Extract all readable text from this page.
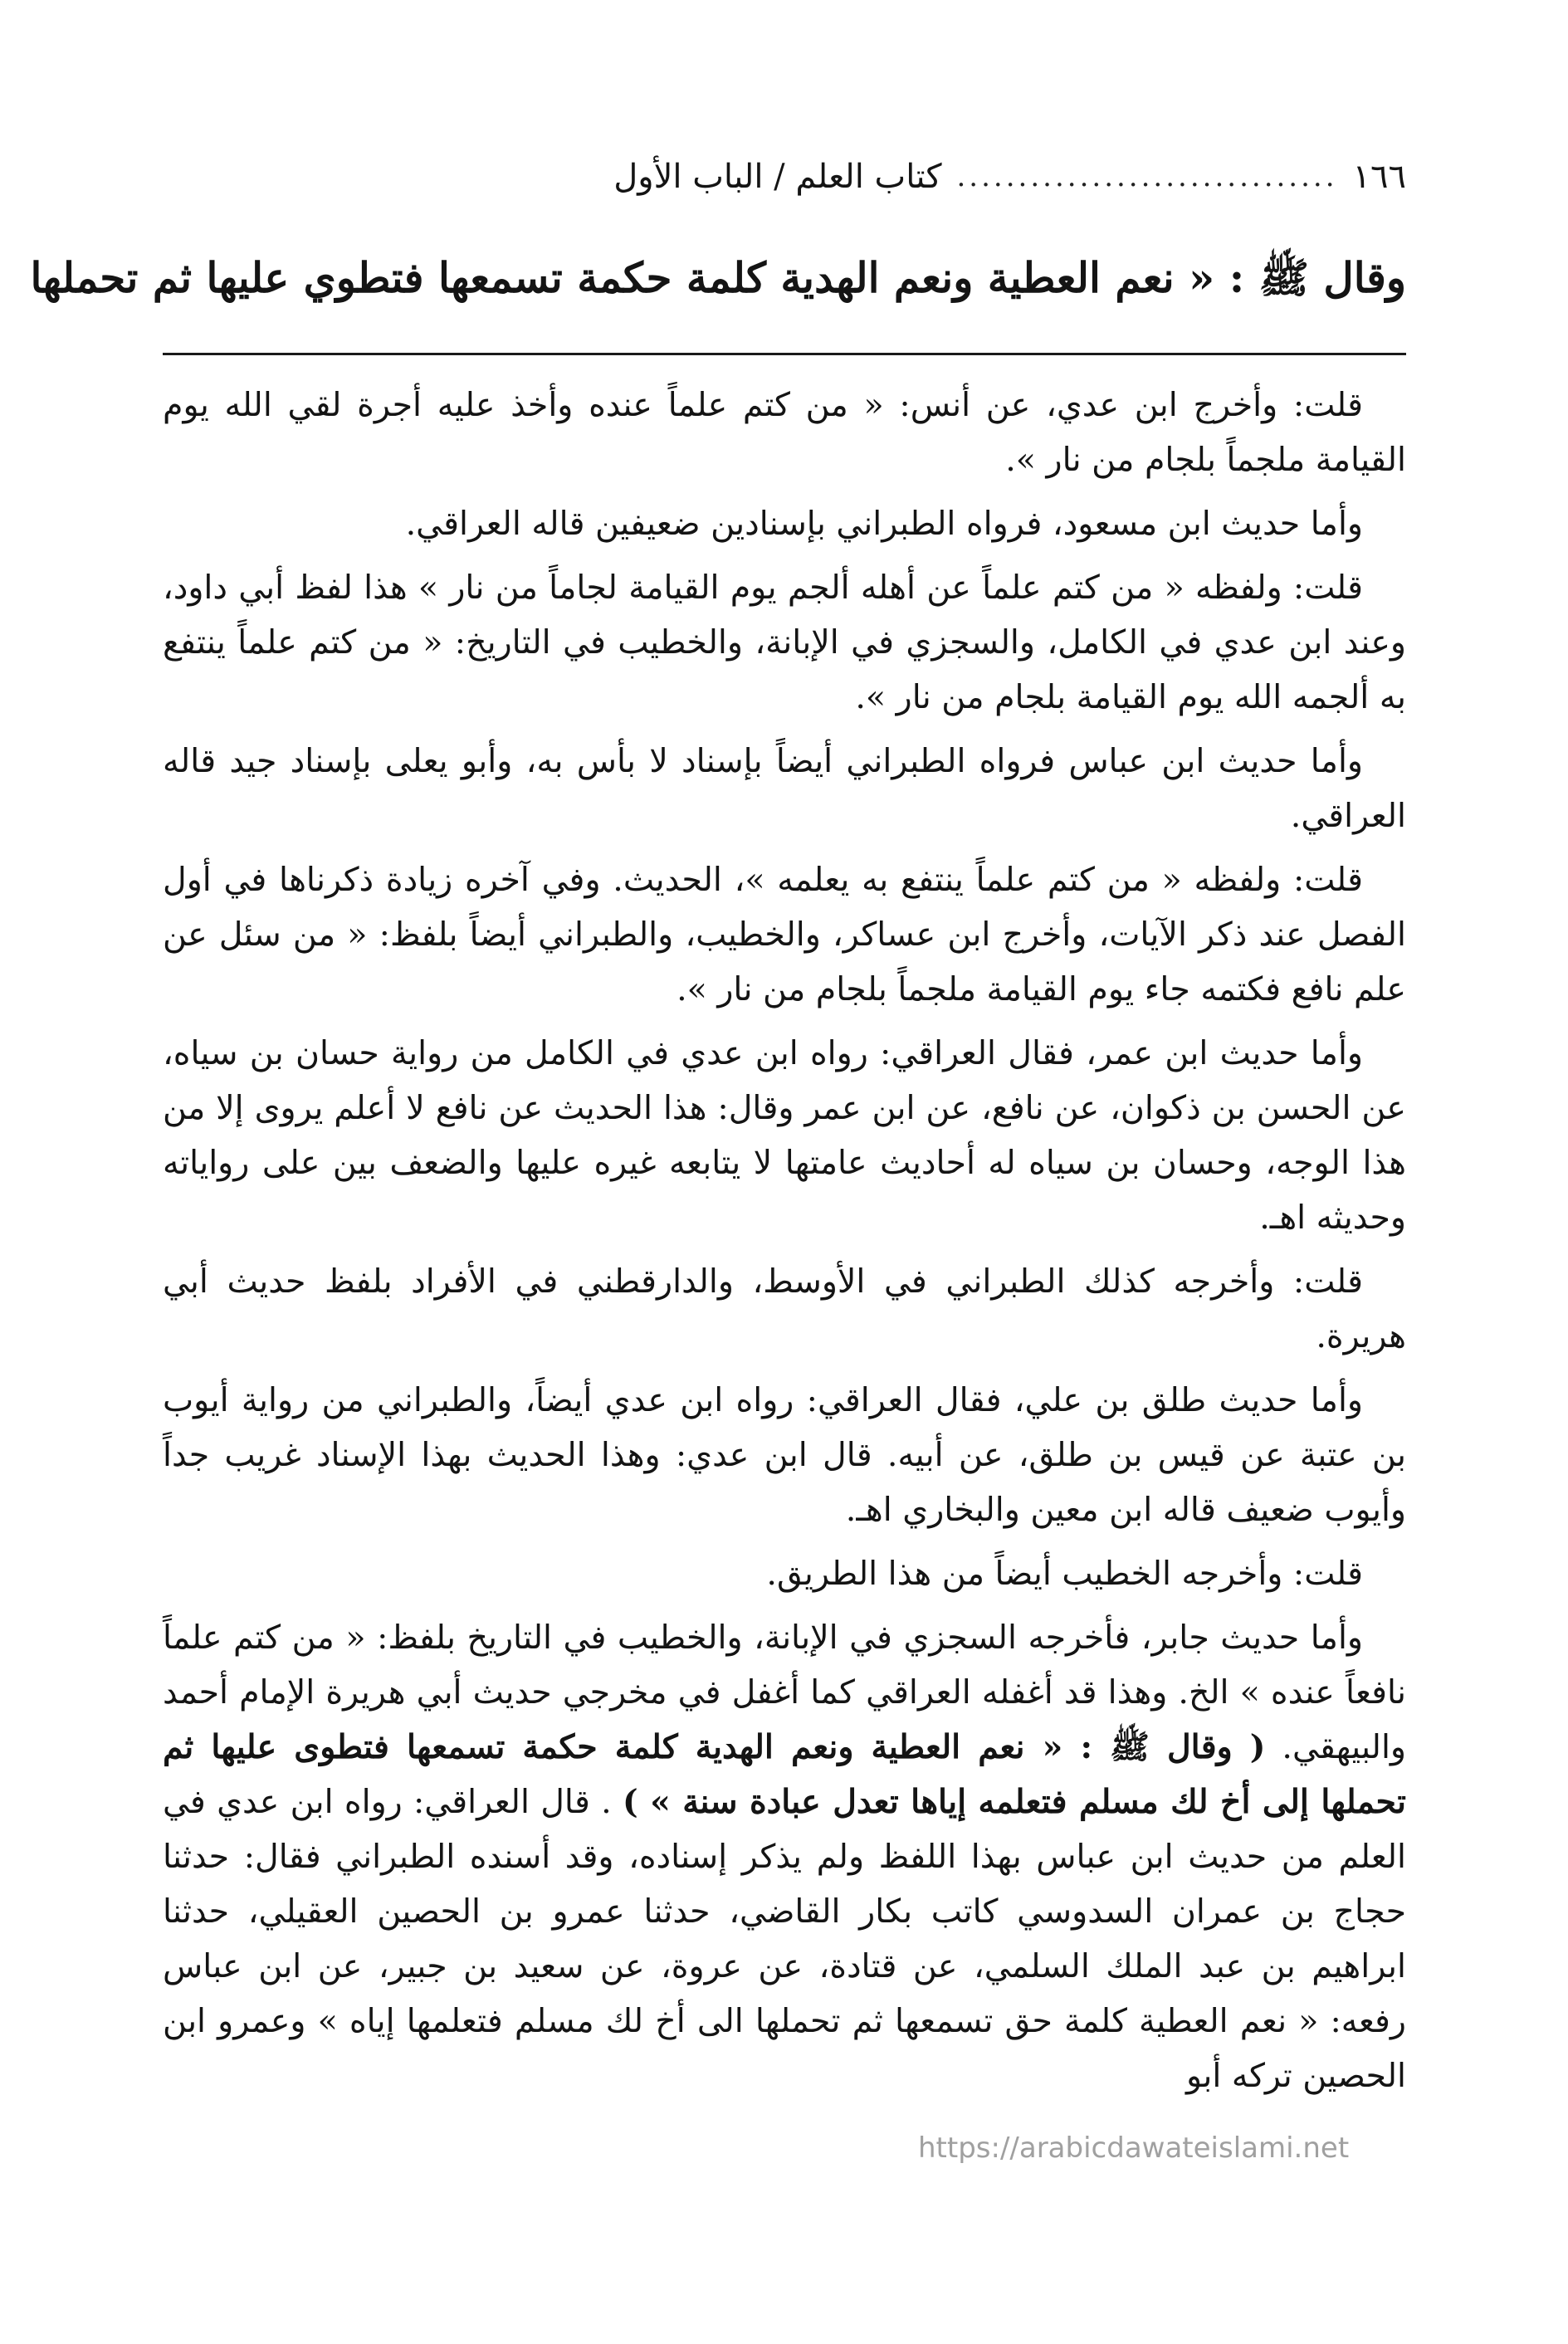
١٦٦
...............................
كتاب العلم / الباب الأول
وقال ﷺ : « نعم العطية ونعم الهدية كلمة حكمة تسمعها فتطوي عليها ثم تحملها

قلت: وأخرج ابن عدي، عن أنس: « من كتم علماً عنده وأخذ عليه أجرة لقي الله يوم القيامة ملجماً بلجام من نار ».

وأما حديث ابن مسعود، فرواه الطبراني بإسنادين ضعيفين قاله العراقي.

قلت: ولفظه « من كتم علماً عن أهله ألجم يوم القيامة لجاماً من نار » هذا لفظ أبي داود، وعند ابن عدي في الكامل، والسجزي في الإبانة، والخطيب في التاريخ: « من كتم علماً ينتفع به ألجمه الله يوم القيامة بلجام من نار ».

وأما حديث ابن عباس فرواه الطبراني أيضاً بإسناد لا بأس به، وأبو يعلى بإسناد جيد قاله العراقي.

قلت: ولفظه « من كتم علماً ينتفع به يعلمه »، الحديث. وفي آخره زيادة ذكرناها في أول الفصل عند ذكر الآيات، وأخرج ابن عساكر، والخطيب، والطبراني أيضاً بلفظ: « من سئل عن علم نافع فكتمه جاء يوم القيامة ملجماً بلجام من نار ».

وأما حديث ابن عمر، فقال العراقي: رواه ابن عدي في الكامل من رواية حسان بن سياه، عن الحسن بن ذكوان، عن نافع، عن ابن عمر وقال: هذا الحديث عن نافع لا أعلم يروى إلا من هذا الوجه، وحسان بن سياه له أحاديث عامتها لا يتابعه غيره عليها والضعف بين على رواياته وحديثه اهـ.

قلت: وأخرجه كذلك الطبراني في الأوسط، والدارقطني في الأفراد بلفظ حديث أبي هريرة.

وأما حديث طلق بن علي، فقال العراقي: رواه ابن عدي أيضاً، والطبراني من رواية أيوب بن عتبة عن قيس بن طلق، عن أبيه. قال ابن عدي: وهذا الحديث بهذا الإسناد غريب جداً وأيوب ضعيف قاله ابن معين والبخاري اهـ.

قلت: وأخرجه الخطيب أيضاً من هذا الطريق.

وأما حديث جابر، فأخرجه السجزي في الإبانة، والخطيب في التاريخ بلفظ: « من كتم علماً نافعاً عنده » الخ. وهذا قد أغفله العراقي كما أغفل في مخرجي حديث أبي هريرة الإمام أحمد والبيهقي. ( وقال ﷺ : « نعم العطية ونعم الهدية كلمة حكمة تسمعها فتطوى عليها ثم تحملها إلى أخ لك مسلم فتعلمه إياها تعدل عبادة سنة » ) . قال العراقي: رواه ابن عدي في العلم من حديث ابن عباس بهذا اللفظ ولم يذكر إسناده، وقد أسنده الطبراني فقال: حدثنا حجاج بن عمران السدوسي كاتب بكار القاضي، حدثنا عمرو بن الحصين العقيلي، حدثنا ابراهيم بن عبد الملك السلمي، عن قتادة، عن عروة، عن سعيد بن جبير، عن ابن عباس رفعه: « نعم العطية كلمة حق تسمعها ثم تحملها الى أخ لك مسلم فتعلمها إياه » وعمرو ابن الحصين تركه أبو

https://arabicdawateislami.net
